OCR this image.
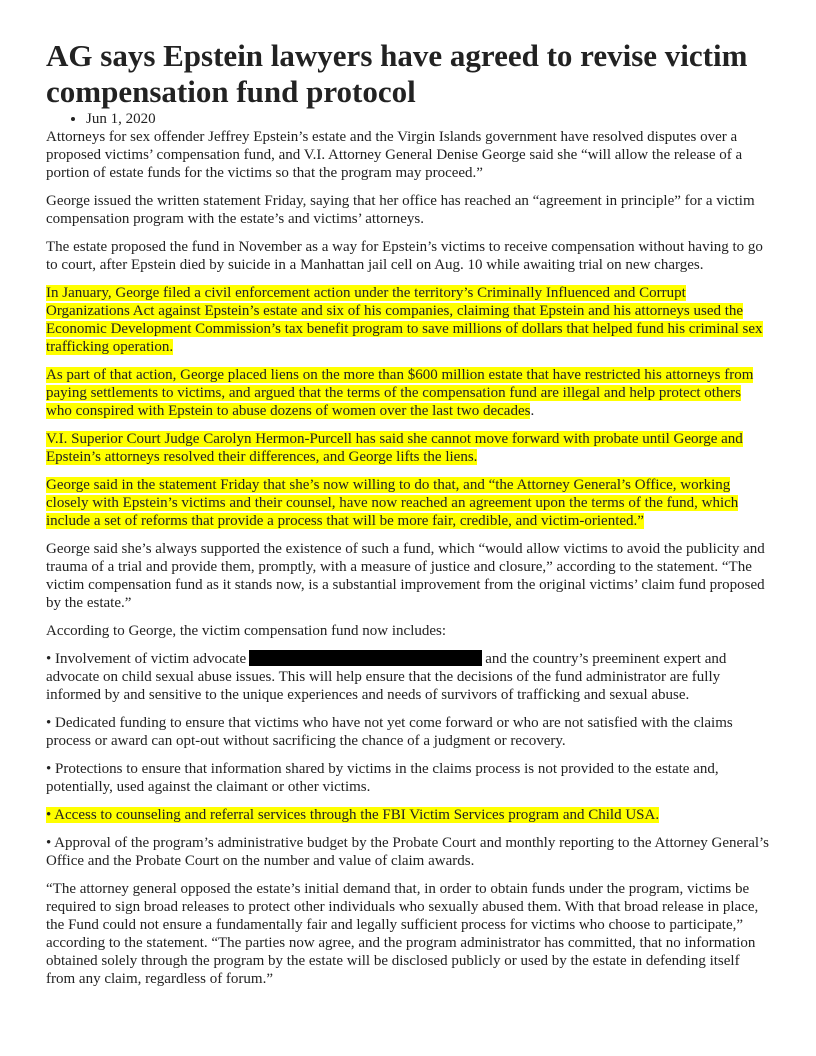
AG says Epstein lawyers have agreed to revise victim compensation fund protocol
• Jun 1, 2020

Attorneys for sex offender Jeffrey Epstein’s estate and the Virgin Islands government have resolved disputes over a proposed victims’ compensation fund, and V.I. Attorney General Denise George said she “will allow the release of a portion of estate funds for the victims so that the program may proceed.”

George issued the written statement Friday, saying that her office has reached an “agreement in principle” for a victim compensation program with the estate’s and victims’ attorneys.

The estate proposed the fund in November as a way for Epstein’s victims to receive compensation without having to go to court, after Epstein died by suicide in a Manhattan jail cell on Aug. 10 while awaiting trial on new charges.

In January, George filed a civil enforcement action under the territory’s Criminally Influenced and Corrupt Organizations Act against Epstein’s estate and six of his companies, claiming that Epstein and his attorneys used the Economic Development Commission’s tax benefit program to save millions of dollars that helped fund his criminal sex trafficking operation.

As part of that action, George placed liens on the more than $600 million estate that have restricted his attorneys from paying settlements to victims, and argued that the terms of the compensation fund are illegal and help protect others who conspired with Epstein to abuse dozens of women over the last two decades.

V.I. Superior Court Judge Carolyn Hermon-Purcell has said she cannot move forward with probate until George and Epstein’s attorneys resolved their differences, and George lifts the liens.

George said in the statement Friday that she’s now willing to do that, and “the Attorney General’s Office, working closely with Epstein’s victims and their counsel, have now reached an agreement upon the terms of the fund, which include a set of reforms that provide a process that will be more fair, credible, and victim-oriented.”

George said she’s always supported the existence of such a fund, which “would allow victims to avoid the publicity and trauma of a trial and provide them, promptly, with a measure of justice and closure,” according to the statement. “The victim compensation fund as it stands now, is a substantial improvement from the original victims’ claim fund proposed by the estate.”

According to George, the victim compensation fund now includes:

• Involvement of victim advocate	and the country’s preeminent expert and advocate on child sexual abuse issues. This will help ensure that the decisions of the fund administrator are fully informed by and sensitive to the unique experiences and needs of survivors of trafficking and sexual abuse.

• Dedicated funding to ensure that victims who have not yet come forward or who are not satisfied with the claims process or award can opt-out without sacrificing the chance of a judgment or recovery.

• Protections to ensure that information shared by victims in the claims process is not provided to the estate and, potentially, used against the claimant or other victims.

• Access to counseling and referral services through the FBI Victim Services program and Child USA.

• Approval of the program’s administrative budget by the Probate Court and monthly reporting to the Attorney General’s Office and the Probate Court on the number and value of claim awards.

“The attorney general opposed the estate’s initial demand that, in order to obtain funds under the program, victims be required to sign broad releases to protect other individuals who sexually abused them. With that broad release in place, the Fund could not ensure a fundamentally fair and legally sufficient process for victims who choose to participate,” according to the statement. “The parties now agree, and the program administrator has committed, that no information obtained solely through the program by the estate will be disclosed publicly or used by the estate in defending itself from any claim, regardless of forum.”
